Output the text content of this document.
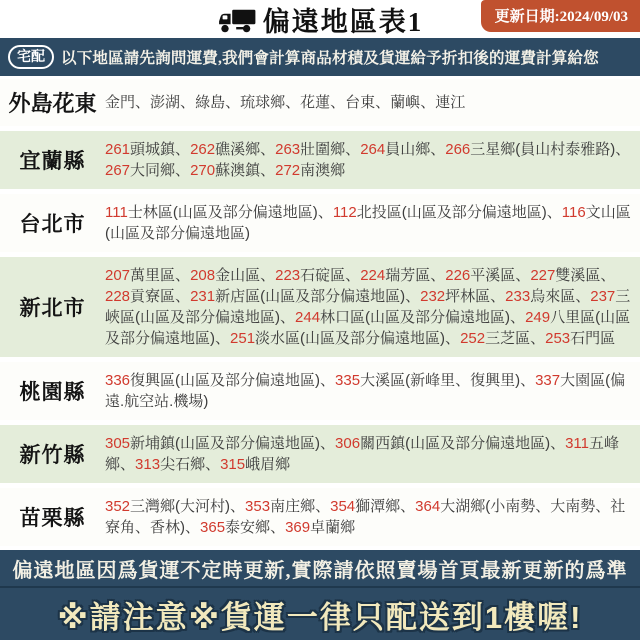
偏遠地區表1	更新日期:2024/09/03
宅配	以下地區請先詢問運費,我們會計算商品材積及貨運給予折扣後的運費計算給您
外島花東 金門、澎湖、綠島、琉球鄉、花蓮、台東、蘭嶼、連江
宜蘭縣
261頭城鎮、262礁溪鄉、263壯圍鄉、264員山鄉、266三星鄉(員山村泰雅路)、267大同鄉、270蘇澳鎮、272南澳鄉
台北市
111士林區(山區及部分偏遠地區)、112北投區(山區及部分偏遠地區)、116文山區(山區及部分偏遠地區)
新北市
207萬里區、208金山區、223石碇區、224瑞芳區、226平溪區、227雙溪區、228貢寮區、231新店區(山區及部分偏遠地區)、232坪林區、233烏來區、237三峽區(山區及部分偏遠地區)、244林口區(山區及部分偏遠地區)、249八里區(山區及部分偏遠地區)、251淡水區(山區及部分偏遠地區)、252三芝區、253石門區
桃園縣
336復興區(山區及部分偏遠地區)、335大溪區(新峰里、復興里)、337大園區(偏遠.航空站.機場)
新竹縣
305新埔鎮(山區及部分偏遠地區)、306關西鎮(山區及部分偏遠地區)、311五峰鄉、313尖石鄉、315峨眉鄉
苗栗縣
352三灣鄉(大河村)、353南庄鄉、354獅潭鄉、364大湖鄉(小南勢、大南勢、社寮角、香林)、365泰安鄉、369卓蘭鄉
偏遠地區因爲貨運不定時更新,實際請依照賣場首頁最新更新的爲準
※請注意※貨運一律只配送到1樓喔!
